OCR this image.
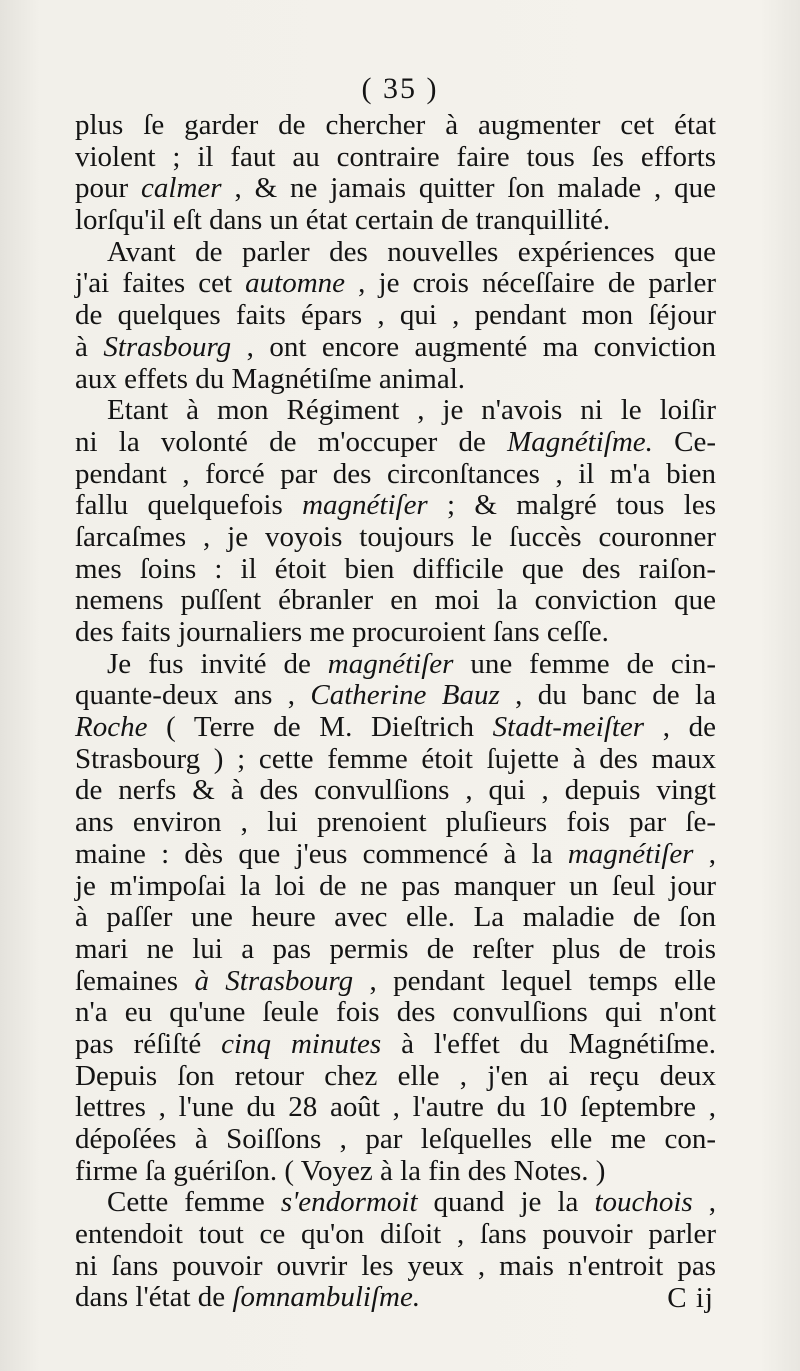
( 35 )
plus ſe garder de chercher à augmenter cet état
violent ; il faut au contraire faire tous ſes efforts
pour calmer , & ne jamais quitter ſon malade , que
lorſqu'il eſt dans un état certain de tranquillité.
Avant de parler des nouvelles expériences que
j'ai faites cet automne , je crois néceſſaire de parler
de quelques faits épars , qui , pendant mon ſéjour
à Strasbourg , ont encore augmenté ma conviction
aux effets du Magnétiſme animal.
Etant à mon Régiment , je n'avois ni le loiſir
ni la volonté de m'occuper de Magnétiſme. Ce-
pendant , forcé par des circonſtances , il m'a bien
fallu quelquefois magnétiſer ; & malgré tous les
ſarcaſmes , je voyois toujours le ſuccès couronner
mes ſoins : il étoit bien difficile que des raiſon-
nemens puſſent ébranler en moi la conviction que
des faits journaliers me procuroient ſans ceſſe.
Je fus invité de magnétiſer une femme de cin-
quante-deux ans , Catherine Bauz , du banc de la
Roche ( Terre de M. Dieſtrich Stadt-meiſter , de
Strasbourg ) ; cette femme étoit ſujette à des maux
de nerfs & à des convulſions , qui , depuis vingt
ans environ , lui prenoient pluſieurs fois par ſe-
maine : dès que j'eus commencé à la magnétiſer ,
je m'impoſai la loi de ne pas manquer un ſeul jour
à paſſer une heure avec elle. La maladie de ſon
mari ne lui a pas permis de reſter plus de trois
ſemaines à Strasbourg , pendant lequel temps elle
n'a eu qu'une ſeule fois des convulſions qui n'ont
pas réſiſté cinq minutes à l'effet du Magnétiſme.
Depuis ſon retour chez elle , j'en ai reçu deux
lettres , l'une du 28 août , l'autre du 10 ſeptembre ,
dépoſées à Soiſſons , par leſquelles elle me con-
firme ſa guériſon. ( Voyez à la fin des Notes. )
Cette femme s'endormoit quand je la touchois ,
entendoit tout ce qu'on diſoit , ſans pouvoir parler
ni ſans pouvoir ouvrir les yeux , mais n'entroit pas
dans l'état de ſomnambuliſme.	C ij
